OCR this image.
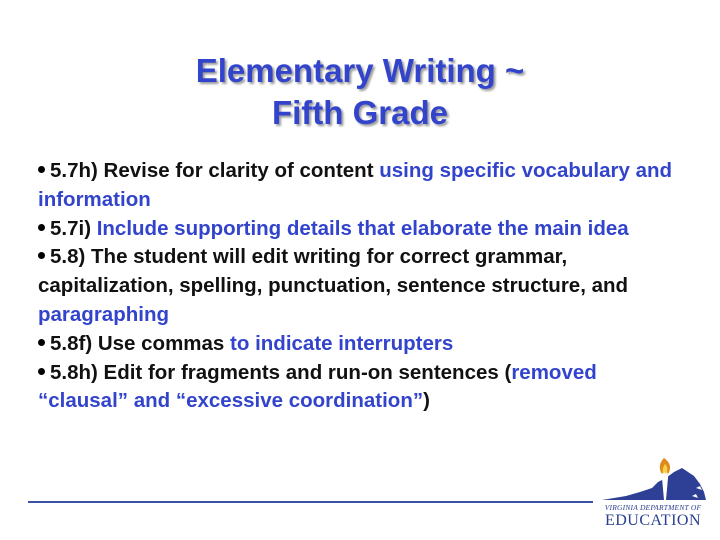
Elementary Writing ~
Fifth Grade

5.7h) Revise for clarity of content using specific vocabulary and information

5.7i) Include supporting details that elaborate the main idea

5.8) The student will edit writing for correct grammar, capitalization, spelling, punctuation, sentence structure, and paragraphing

5.8f) Use commas to indicate interrupters

5.8h) Edit for fragments and run-on sentences (removed “clausal” and “excessive coordination”)

VIRGINIA DEPARTMENT OF
EDUCATION
